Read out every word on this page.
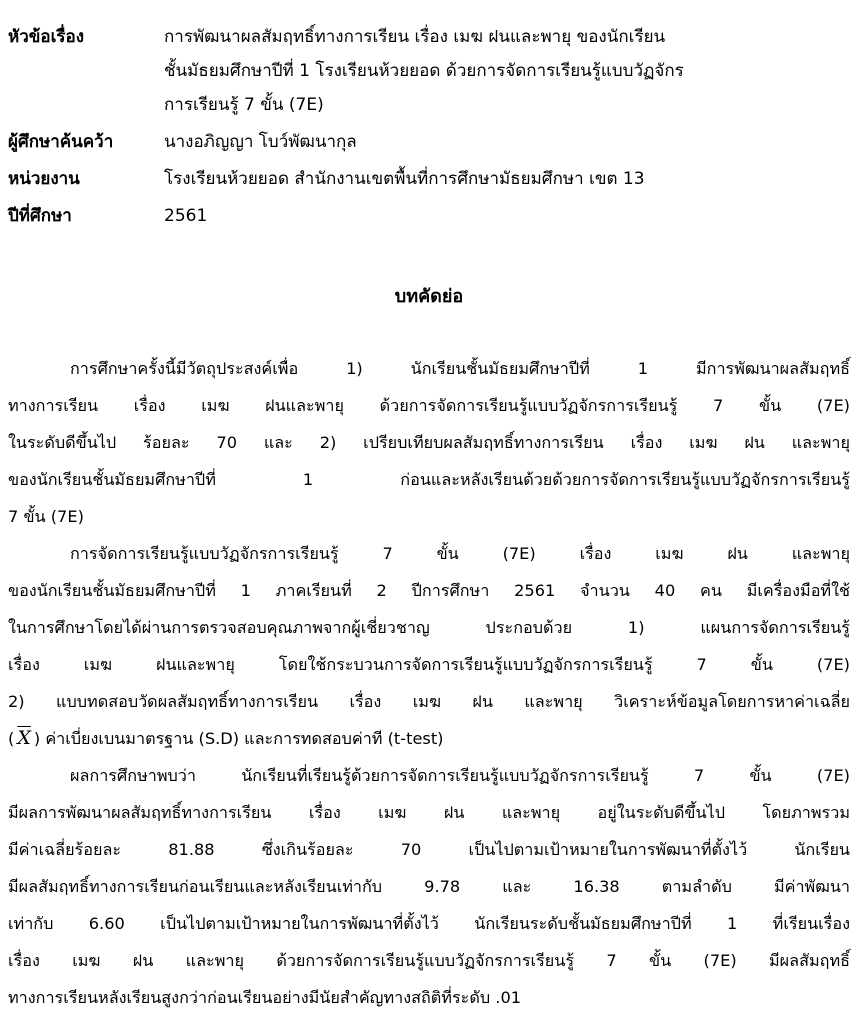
หัวข้อเรื่อง	การพัฒนาผลสัมฤทธิ์ทางการเรียน เรื่อง เมฆ ฝนและพายุ ของนักเรียน
ชั้นมัธยมศึกษาปีที่ 1 โรงเรียนห้วยยอด ด้วยการจัดการเรียนรู้แบบวัฏจักร
การเรียนรู้ 7 ขั้น (7E)
ผู้ศึกษาค้นคว้า	นางอภิญญา โบว์พัฒนากุล
หน่วยงาน	โรงเรียนห้วยยอด สำนักงานเขตพื้นที่การศึกษามัธยมศึกษา เขต 13
ปีที่ศึกษา	2561
บทคัดย่อ
การศึกษาครั้งนี้มีวัตถุประสงค์เพื่อ 1) นักเรียนชั้นมัธยมศึกษาปีที่ 1 มีการพัฒนาผลสัมฤทธิ์
ทางการเรียน เรื่อง เมฆ ฝนและพายุ ด้วยการจัดการเรียนรู้แบบวัฏจักรการเรียนรู้ 7 ขั้น (7E)
ในระดับดีขึ้นไป ร้อยละ 70 และ 2) เปรียบเทียบผลสัมฤทธิ์ทางการเรียน เรื่อง เมฆ ฝน และพายุ
ของนักเรียนชั้นมัธยมศึกษาปีที่ 1 ก่อนและหลังเรียนด้วยด้วยการจัดการเรียนรู้แบบวัฏจักรการเรียนรู้
7 ขั้น (7E)
การจัดการเรียนรู้แบบวัฏจักรการเรียนรู้ 7 ขั้น (7E) เรื่อง เมฆ ฝน และพายุ
ของนักเรียนชั้นมัธยมศึกษาปีที่ 1 ภาคเรียนที่ 2 ปีการศึกษา 2561 จำนวน 40 คน มีเครื่องมือที่ใช้
ในการศึกษาโดยได้ผ่านการตรวจสอบคุณภาพจากผู้เชี่ยวชาญ ประกอบด้วย 1) แผนการจัดการเรียนรู้
เรื่อง เมฆ ฝนและพายุ โดยใช้กระบวนการจัดการเรียนรู้แบบวัฏจักรการเรียนรู้ 7 ขั้น (7E)
2) แบบทดสอบวัดผลสัมฤทธิ์ทางการเรียน เรื่อง เมฆ ฝน และพายุ วิเคราะห์ข้อมูลโดยการหาค่าเฉลี่ย
( $\overline{X}$ ) ค่าเบี่ยงเบนมาตรฐาน (S.D) และการทดสอบค่าที (t-test)
ผลการศึกษาพบว่า นักเรียนที่เรียนรู้ด้วยการจัดการเรียนรู้แบบวัฏจักรการเรียนรู้ 7 ขั้น (7E)
มีผลการพัฒนาผลสัมฤทธิ์ทางการเรียน เรื่อง เมฆ ฝน และพายุ อยู่ในระดับดีขึ้นไป โดยภาพรวม
มีค่าเฉลี่ยร้อยละ 81.88 ซึ่งเกินร้อยละ 70 เป็นไปตามเป้าหมายในการพัฒนาที่ตั้งไว้ นักเรียน
มีผลสัมฤทธิ์ทางการเรียนก่อนเรียนและหลังเรียนเท่ากับ 9.78 และ 16.38 ตามลำดับ มีค่าพัฒนา
เท่ากับ 6.60 เป็นไปตามเป้าหมายในการพัฒนาที่ตั้งไว้ นักเรียนระดับชั้นมัธยมศึกษาปีที่ 1 ที่เรียนเรื่อง
เรื่อง เมฆ ฝน และพายุ ด้วยการจัดการเรียนรู้แบบวัฏจักรการเรียนรู้ 7 ขั้น (7E) มีผลสัมฤทธิ์
ทางการเรียนหลังเรียนสูงกว่าก่อนเรียนอย่างมีนัยสำคัญทางสถิติที่ระดับ .01
